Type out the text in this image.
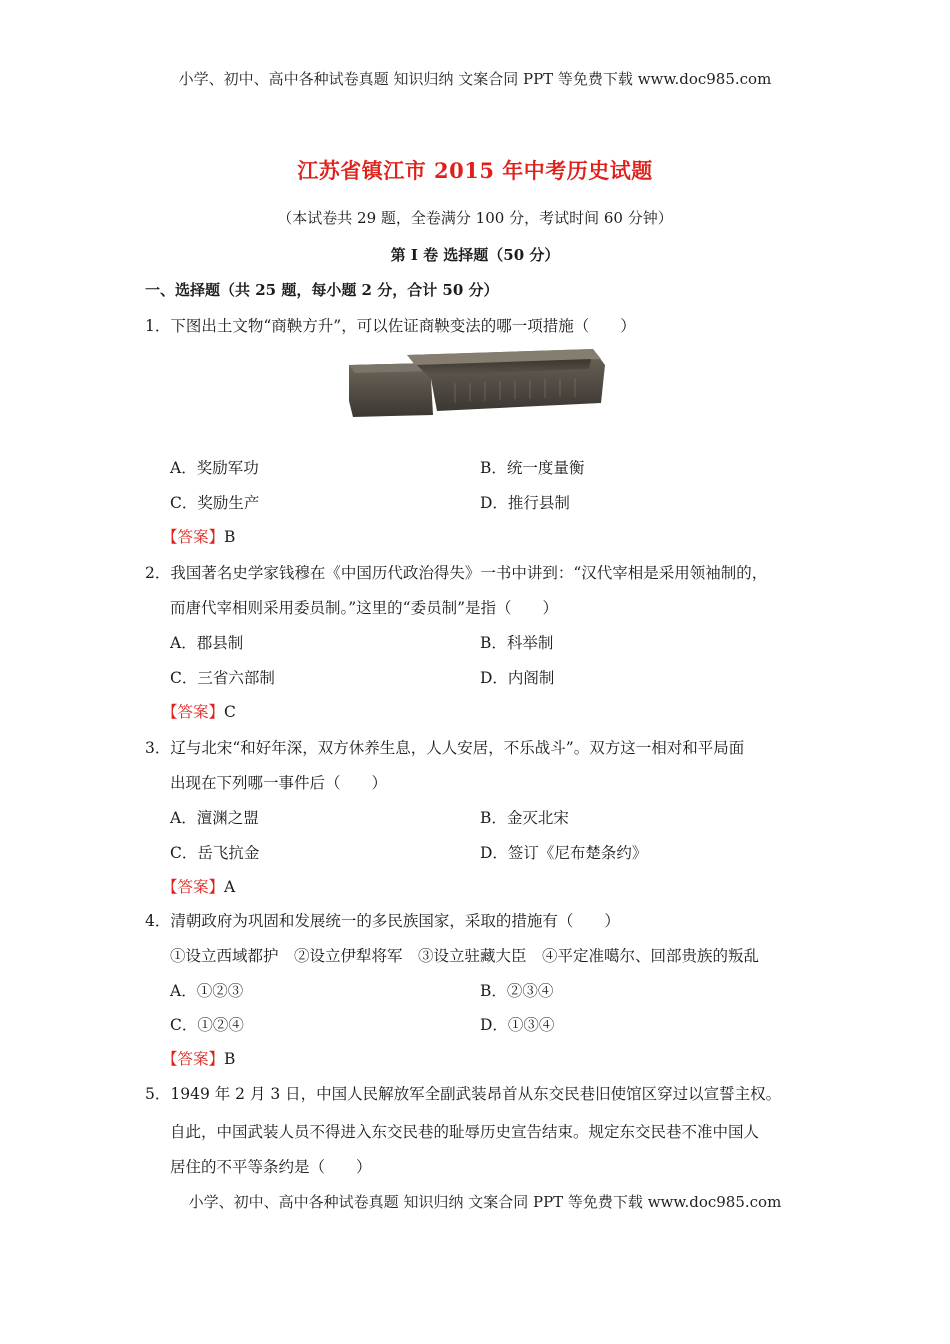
小学、初中、高中各种试卷真题 知识归纳 文案合同 PPT 等免费下载 www.doc985.com
江苏省镇江市 2015 年中考历史试题
（本试卷共 29 题，全卷满分 100 分，考试时间 60 分钟）
第 I 卷 选择题（50 分）
一、选择题（共 25 题，每小题 2 分，合计 50 分）
1．下图出土文物“商鞅方升”，可以佐证商鞅变法的哪一项措施（　　）
A．奖励军功	B．统一度量衡
C．奖励生产	D．推行县制
【答案】B
2．我国著名史学家钱穆在《中国历代政治得失》一书中讲到：“汉代宰相是采用领袖制的，
而唐代宰相则采用委员制。”这里的“委员制”是指（　　）
A．郡县制	B．科举制
C．三省六部制	D．内阁制
【答案】C
3．辽与北宋“和好年深，双方休养生息，人人安居，不乐战斗”。双方这一相对和平局面
出现在下列哪一事件后（　　）
A．澶渊之盟	B．金灭北宋
C．岳飞抗金	D．签订《尼布楚条约》
【答案】A
4．清朝政府为巩固和发展统一的多民族国家，采取的措施有（　　）
①设立西域都护　②设立伊犁将军　③设立驻藏大臣　④平定准噶尔、回部贵族的叛乱
A．①②③	B．②③④
C．①②④	D．①③④
【答案】B
5．1949 年 2 月 3 日，中国人民解放军全副武装昂首从东交民巷旧使馆区穿过以宣誓主权。
自此，中国武装人员不得进入东交民巷的耻辱历史宣告结束。规定东交民巷不准中国人
居住的不平等条约是（　　）
小学、初中、高中各种试卷真题 知识归纳 文案合同 PPT 等免费下载 www.doc985.com
